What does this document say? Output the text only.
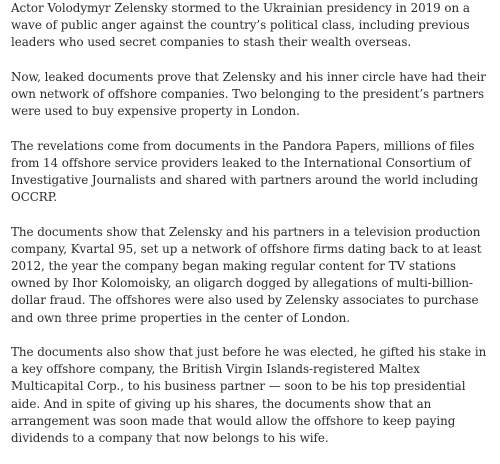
Actor Volodymyr Zelensky stormed to the Ukrainian presidency in 2019 on a wave of public anger against the country’s political class, including previous leaders who used secret companies to stash their wealth overseas.

Now, leaked documents prove that Zelensky and his inner circle have had their own network of offshore companies. Two belonging to the president’s partners were used to buy expensive property in London.

The revelations come from documents in the Pandora Papers, millions of files from 14 offshore service providers leaked to the International Consortium of Investigative Journalists and shared with partners around the world including OCCRP.

The documents show that Zelensky and his partners in a television production company, Kvartal 95, set up a network of offshore firms dating back to at least 2012, the year the company began making regular content for TV stations owned by Ihor Kolomoisky, an oligarch dogged by allegations of multi-billion-dollar fraud. The offshores were also used by Zelensky associates to purchase and own three prime properties in the center of London.

The documents also show that just before he was elected, he gifted his stake in a key offshore company, the British Virgin Islands-registered Maltex Multicapital Corp., to his business partner — soon to be his top presidential aide. And in spite of giving up his shares, the documents show that an arrangement was soon made that would allow the offshore to keep paying dividends to a company that now belongs to his wife.
